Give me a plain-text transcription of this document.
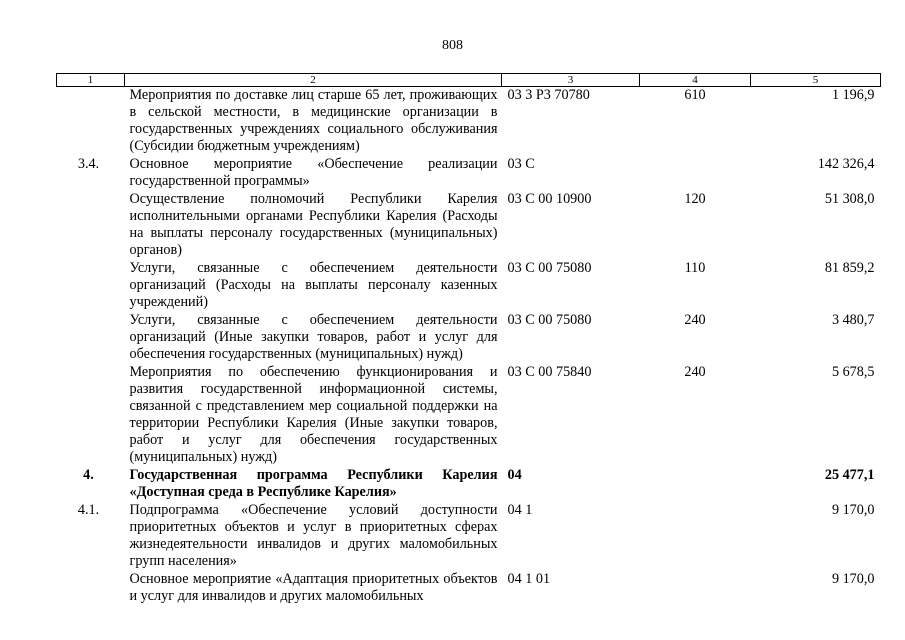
808
1	2	3	4	5
	Мероприятия по доставке лиц старше 65 лет, проживающих в сельской местности, в медицинские организации в государственных учреждениях социального обслуживания (Субсидии бюджетным учреждениям)	03 3 P3 70780	610	1 196,9
3.4.	Основное мероприятие «Обеспечение реализации государственной программы»	03 С		142 326,4
	Осуществление полномочий Республики Карелия исполнительными органами Республики Карелия (Расходы на выплаты персоналу государственных (муниципальных) органов)	03 С 00 10900	120	51 308,0
	Услуги, связанные с обеспечением деятельности организаций (Расходы на выплаты персоналу казенных учреждений)	03 С 00 75080	110	81 859,2
	Услуги, связанные с обеспечением деятельности организаций (Иные закупки товаров, работ и услуг для обеспечения государственных (муниципальных) нужд)	03 С 00 75080	240	3 480,7
	Мероприятия по обеспечению функционирования и развития государственной информационной системы, связанной с представлением мер социальной поддержки на территории Республики Карелия (Иные закупки товаров, работ и услуг для обеспечения государственных (муниципальных) нужд)	03 С 00 75840	240	5 678,5
4.	Государственная программа Республики Карелия «Доступная среда в Республике Карелия»	04		25 477,1
4.1.	Подпрограмма «Обеспечение условий доступности приоритетных объектов и услуг в приоритетных сферах жизнедеятельности инвалидов и других маломобильных групп населения»	04 1		9 170,0
	Основное мероприятие «Адаптация приоритетных объектов и услуг для инвалидов и других маломобильных	04 1 01		9 170,0
